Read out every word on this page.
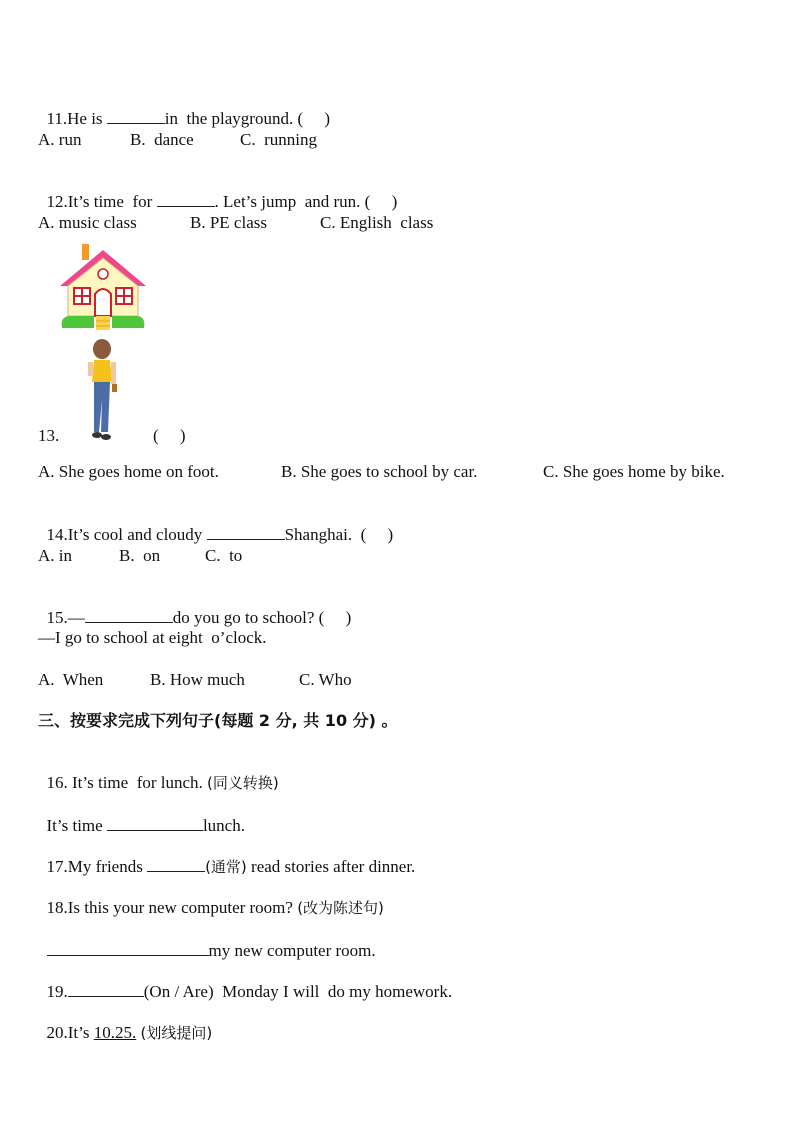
11.He is	in  the playground. (     )

A. run	B.  dance	C.  running

12.It’s time  for	. Let’s jump  and run. (     )

A. music class	B. PE class	C. English  class
13.	(     )
A. She goes home on foot.	B. She goes to school by car.	C. She goes home by bike.

14.It’s cool and cloudy	Shanghai.  (     )

A. in	B.  on	C.  to

15.—	do you go to school? (     )

—I go to school at eight  o’clock.
A.  When	B. How much	C. Who
三、按要求完成下列句子(每题 2 分, 共 10 分) 。

16. It’s time  for lunch. (同义转换)

It’s time	lunch.

17.My friends	(通常) read stories after dinner.

18.Is this your new computer room? (改为陈述句)

my new computer room.

19.	(On / Are)  Monday I will  do my homework.

20.It’s 10.25. (划线提问)
